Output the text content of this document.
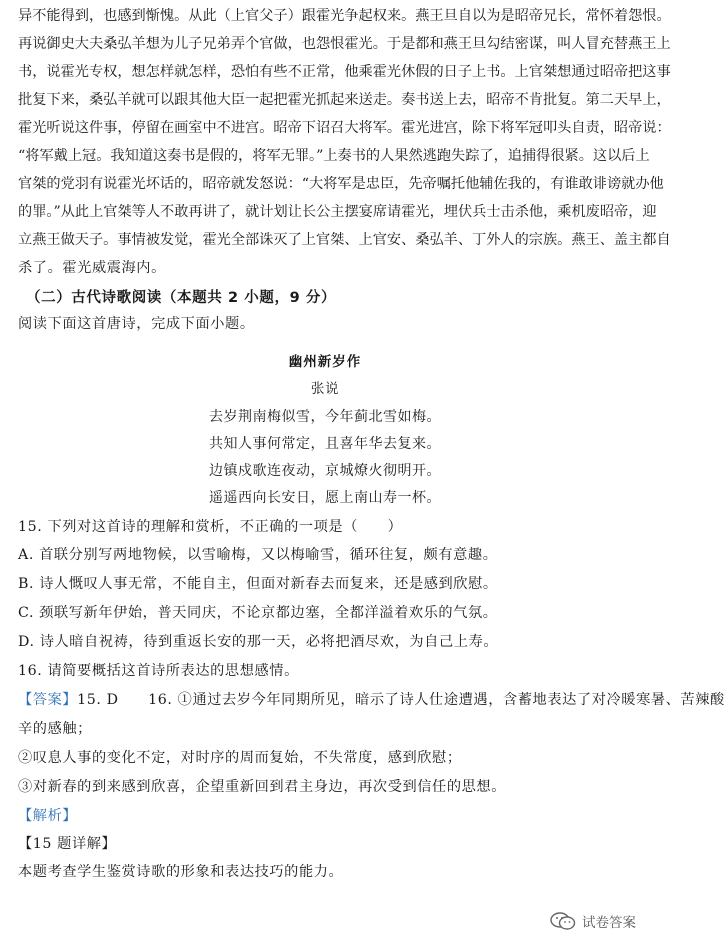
异不能得到，也感到惭愧。从此（上官父子）跟霍光争起权来。燕王旦自以为是昭帝兄长，常怀着怨恨。
再说御史大夫桑弘羊想为儿子兄弟弄个官做，也怨恨霍光。于是都和燕王旦勾结密谋，叫人冒充替燕王上
书，说霍光专权，想怎样就怎样，恐怕有些不正常，他乘霍光休假的日子上书。上官桀想通过昭帝把这事
批复下来，桑弘羊就可以跟其他大臣一起把霍光抓起来送走。奏书送上去，昭帝不肯批复。第二天早上，
霍光听说这件事，停留在画室中不进宫。昭帝下诏召大将军。霍光进宫，除下将军冠叩头自责，昭帝说：
“将军戴上冠。我知道这奏书是假的，将军无罪。”上奏书的人果然逃跑失踪了，追捕得很紧。这以后上
官桀的党羽有说霍光坏话的，昭帝就发怒说：“大将军是忠臣，先帝嘱托他辅佐我的，有谁敢诽谤就办他
的罪。”从此上官桀等人不敢再讲了，就计划让长公主摆宴席请霍光，埋伏兵士击杀他，乘机废昭帝，迎
立燕王做天子。事情被发觉，霍光全部诛灭了上官桀、上官安、桑弘羊、丁外人的宗族。燕王、盖主都自
杀了。霍光威震海内。
（二）古代诗歌阅读（本题共 2 小题，9 分）
阅读下面这首唐诗，完成下面小题。
幽州新岁作
张说
去岁荆南梅似雪，今年蓟北雪如梅。
共知人事何常定，且喜年华去复来。
边镇戍歌连夜动，京城燎火彻明开。
遥遥西向长安日，愿上南山寿一杯。
15. 下列对这首诗的理解和赏析，不正确的一项是（　　）
A. 首联分别写两地物候，以雪喻梅，又以梅喻雪，循环往复，颇有意趣。
B. 诗人慨叹人事无常，不能自主，但面对新春去而复来，还是感到欣慰。
C. 颈联写新年伊始，普天同庆，不论京都边塞，全都洋溢着欢乐的气氛。
D. 诗人暗自祝祷，待到重返长安的那一天，必将把酒尽欢，为自己上寿。
16. 请简要概括这首诗所表达的思想感情。
【答案】15. D　　16. ①通过去岁今年同期所见，暗示了诗人仕途遭遇，含蓄地表达了对冷暖寒暑、苦辣酸
辛的感触；
②叹息人事的变化不定，对时序的周而复始，不失常度，感到欣慰；
③对新春的到来感到欣喜，企望重新回到君主身边，再次受到信任的思想。
【解析】
【15 题详解】
本题考查学生鉴赏诗歌的形象和表达技巧的能力。
试卷答案
